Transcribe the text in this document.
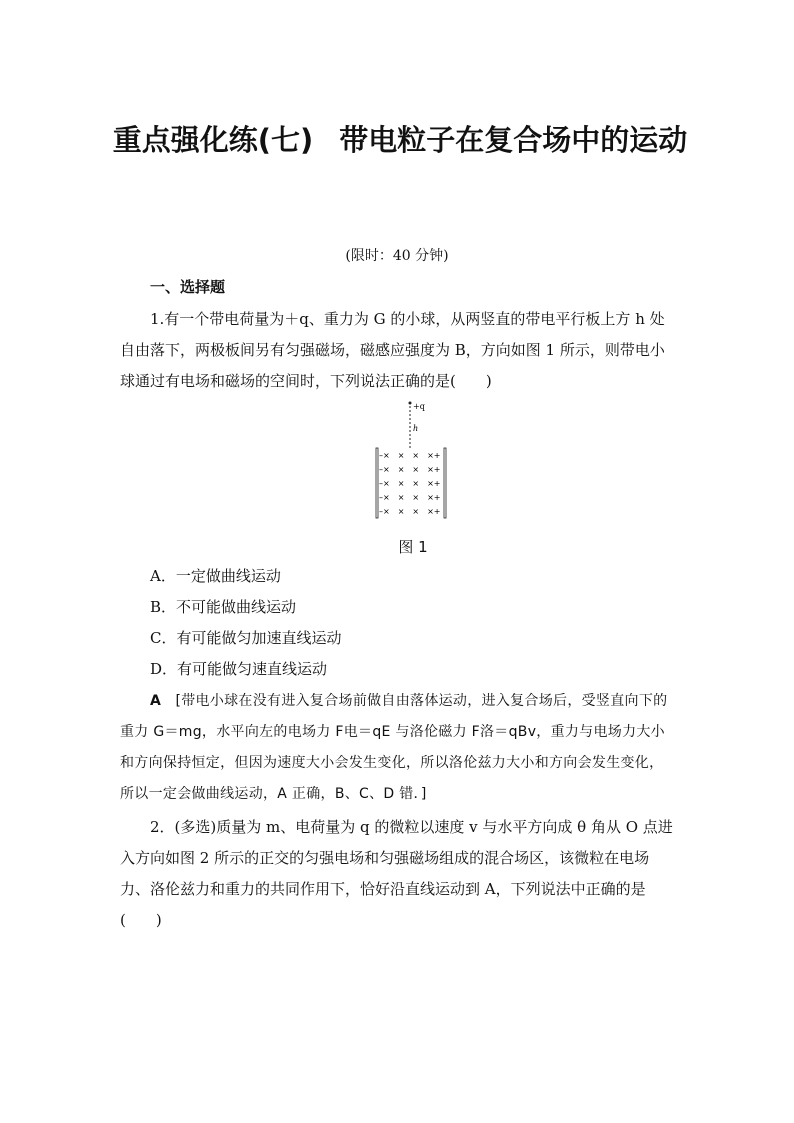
重点强化练(七) 带电粒子在复合场中的运动
(限时：40 分钟)
一、选择题
1.有一个带电荷量为＋q、重力为 G 的小球，从两竖直的带电平行板上方 h 处自由落下，两极板间另有匀强磁场，磁感应强度为 B，方向如图 1 所示，则带电小球通过有电场和磁场的空间时，下列说法正确的是(　　)
+q
h
–×　×　×　×+
–×　×　×　×+
–×　×　×　×+
–×　×　×　×+
–×　×　×　×+
图 1
A．一定做曲线运动
B．不可能做曲线运动
C．有可能做匀加速直线运动
D．有可能做匀速直线运动
A　 [带电小球在没有进入复合场前做自由落体运动，进入复合场后，受竖直向下的重力 G＝mg，水平向左的电场力 F电＝qE 与洛伦磁力 F洛＝qBv，重力与电场力大小和方向保持恒定，但因为速度大小会发生变化，所以洛伦兹力大小和方向会发生变化，所以一定会做曲线运动，A 正确，B、C、D 错．]
2．(多选)质量为 m、电荷量为 q 的微粒以速度 v 与水平方向成 θ 角从 O 点进入方向如图 2 所示的正交的匀强电场和匀强磁场组成的混合场区，该微粒在电场力、洛伦兹力和重力的共同作用下，恰好沿直线运动到 A，下列说法中正确的是(　　)
